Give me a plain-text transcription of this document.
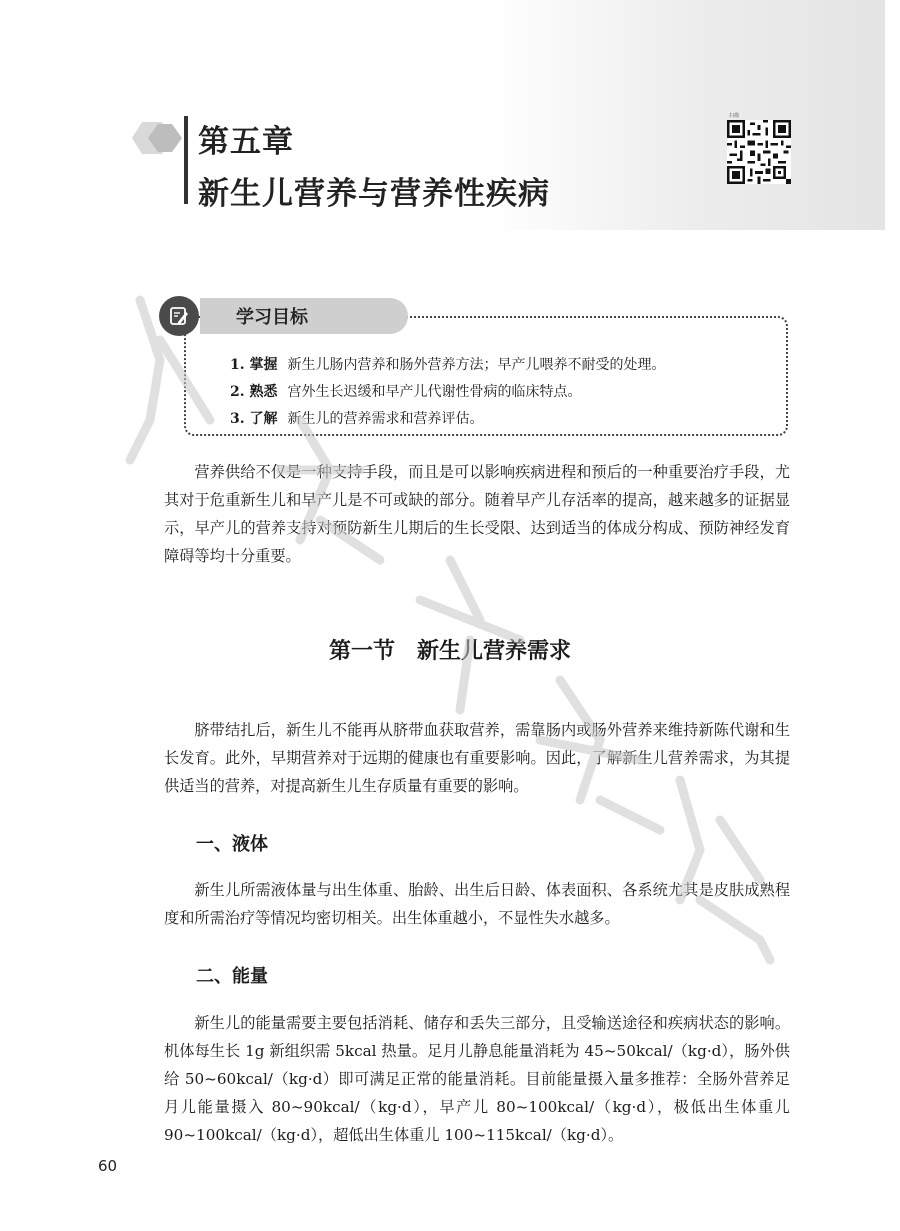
第五章
新生儿营养与营养性疾病
扫描
学习目标
1. 掌握 新生儿肠内营养和肠外营养方法；早产儿喂养不耐受的处理。
2. 熟悉 宫外生长迟缓和早产儿代谢性骨病的临床特点。
3. 了解 新生儿的营养需求和营养评估。

营养供给不仅是一种支持手段，而且是可以影响疾病进程和预后的一种重要治疗手段，尤其对于危重新生儿和早产儿是不可或缺的部分。随着早产儿存活率的提高，越来越多的证据显示，早产儿的营养支持对预防新生儿期后的生长受限、达到适当的体成分构成、预防神经发育障碍等均十分重要。

第一节　新生儿营养需求

脐带结扎后，新生儿不能再从脐带血获取营养，需靠肠内或肠外营养来维持新陈代谢和生长发育。此外，早期营养对于远期的健康也有重要影响。因此，了解新生儿营养需求，为其提供适当的营养，对提高新生儿生存质量有重要的影响。

一、液体

新生儿所需液体量与出生体重、胎龄、出生后日龄、体表面积、各系统尤其是皮肤成熟程度和所需治疗等情况均密切相关。出生体重越小，不显性失水越多。

二、能量

新生儿的能量需要主要包括消耗、储存和丢失三部分，且受输送途径和疾病状态的影响。机体每生长 1g 新组织需 5kcal 热量。足月儿静息能量消耗为 45~50kcal/（kg·d），肠外供给 50~60kcal/（kg·d）即可满足正常的能量消耗。目前能量摄入量多推荐：全肠外营养足月儿能量摄入 80~90kcal/（kg·d），早产儿 80~100kcal/（kg·d），极低出生体重儿 90~100kcal/（kg·d），超低出生体重儿 100~115kcal/（kg·d）。

60
